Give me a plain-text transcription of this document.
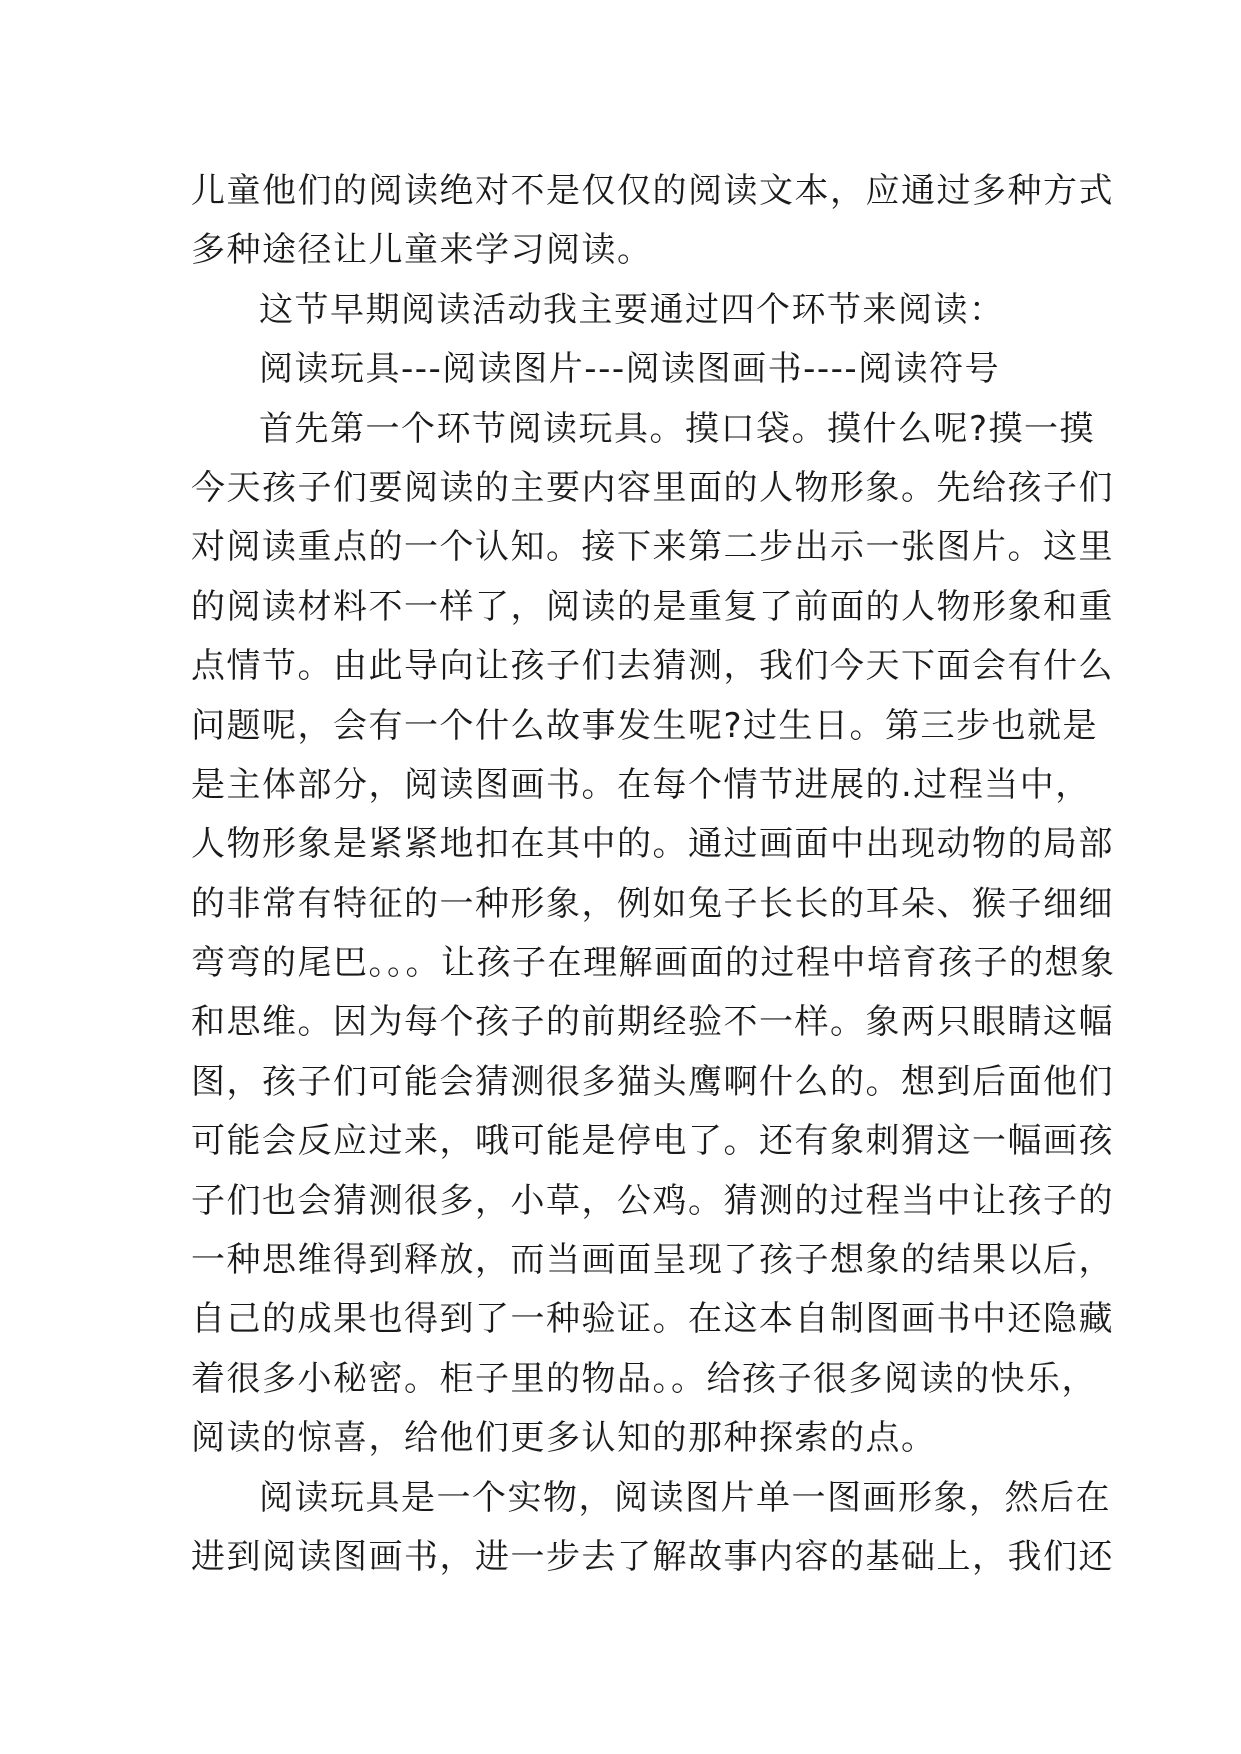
儿童他们的阅读绝对不是仅仅的阅读文本，应通过多种方式
多种途径让儿童来学习阅读。
这节早期阅读活动我主要通过四个环节来阅读：
阅读玩具---阅读图片---阅读图画书----阅读符号
首先第一个环节阅读玩具。摸口袋。摸什么呢?摸一摸
今天孩子们要阅读的主要内容里面的人物形象。先给孩子们
对阅读重点的一个认知。接下来第二步出示一张图片。这里
的阅读材料不一样了，阅读的是重复了前面的人物形象和重
点情节。由此导向让孩子们去猜测，我们今天下面会有什么
问题呢，会有一个什么故事发生呢?过生日。第三步也就是
是主体部分，阅读图画书。在每个情节进展的.过程当中，
人物形象是紧紧地扣在其中的。通过画面中出现动物的局部
的非常有特征的一种形象，例如兔子长长的耳朵、猴子细细
弯弯的尾巴。。。让孩子在理解画面的过程中培育孩子的想象
和思维。因为每个孩子的前期经验不一样。象两只眼睛这幅
图，孩子们可能会猜测很多猫头鹰啊什么的。想到后面他们
可能会反应过来，哦可能是停电了。还有象刺猬这一幅画孩
子们也会猜测很多，小草，公鸡。猜测的过程当中让孩子的
一种思维得到释放，而当画面呈现了孩子想象的结果以后，
自己的成果也得到了一种验证。在这本自制图画书中还隐藏
着很多小秘密。柜子里的物品。。给孩子很多阅读的快乐，
阅读的惊喜，给他们更多认知的那种探索的点。
阅读玩具是一个实物，阅读图片单一图画形象，然后在
进到阅读图画书，进一步去了解故事内容的基础上，我们还
